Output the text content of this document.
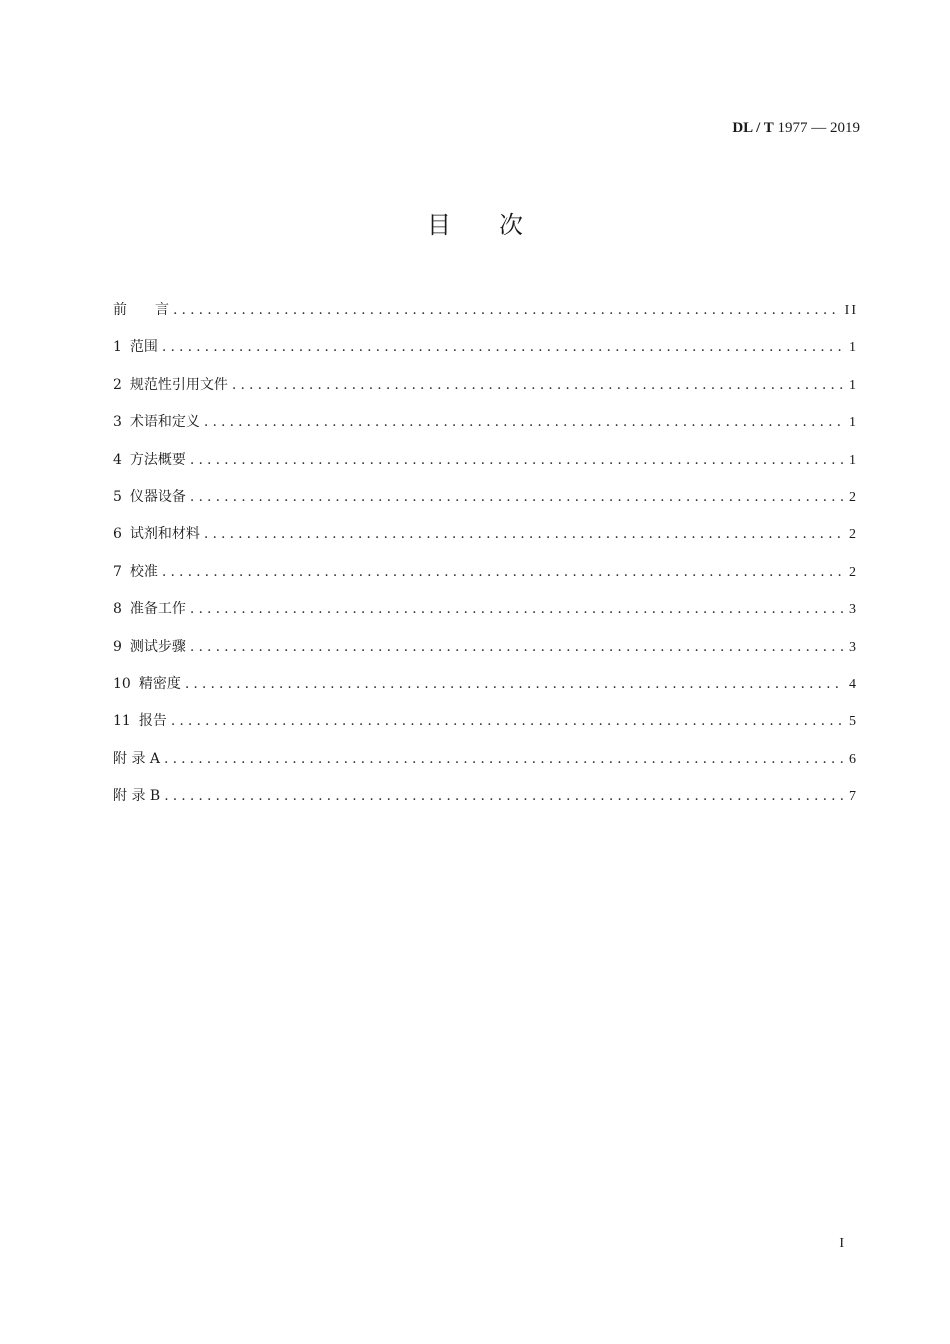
DL / T 1977 — 2019
目次
前　　言 .....	II
1 范围 .....	1
2 规范性引用文件 .....	1
3 术语和定义 .....	1
4 方法概要 .....	1
5 仪器设备 .....	2
6 试剂和材料 .....	2
7 校准 .....	2
8 准备工作 .....	3
9 测试步骤 .....	3
10 精密度 .....	4
11 报告 .....	5
附 录 A .....	6
附 录 B .....	7
I
